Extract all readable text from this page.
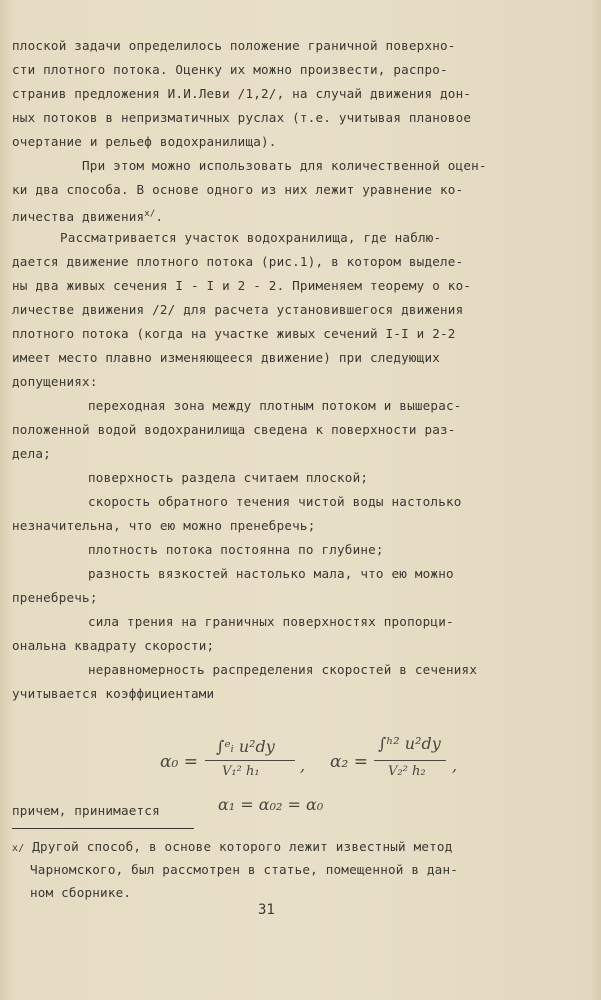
плоской задачи определилось положение граничной поверхно-
сти плотного потока. Оценку их можно произвести, распро-
странив предложения И.И.Леви /1,2/, на случай движения дон-
ных потоков в непризматичных руслах (т.е. учитывая плановое
очертание и рельеф водохранилища).
При этом можно использовать для количественной оцен-
ки два способа. В основе одного из них лежит уравнение ко-
личества движения$^{х/}$.
Рассматривается участок водохранилища, где наблю-
дается движение плотного потока (рис.1), в котором выделе-
ны два живых сечения I - I и 2 - 2. Применяем теорему о ко-
личестве движения /2/ для расчета установившегося движения
плотного потока (когда на участке живых сечений I-I и 2-2
имеет место плавно изменяющееся движение) при следующих
допущениях:
переходная зона между плотным потоком и вышерас-
положенной водой водохранилища сведена к поверхности раз-
дела;
поверхность раздела считаем плоской;
скорость обратного течения чистой воды настолько
незначительна, что ею можно пренебречь;
плотность потока постоянна по глубине;
разность вязкостей настолько мала, что ею можно
пренебречь;
сила трения на граничных поверхностях пропорци-
ональна квадрату скорости;
неравномерность распределения скоростей в сечениях
учитывается коэффициентами
α₀ =
∫ᵉᵢ u²dy
V₁² h₁	, α₂ =
∫ʰ² u²dy
V₂² h₂ ,
причем, принимается	α₁ = α₀₂ = α₀
х/ Другой способ, в основе которого лежит известный метод
Чарномского, был рассмотрен в статье, помещенной в дан-
ном сборнике.
31
